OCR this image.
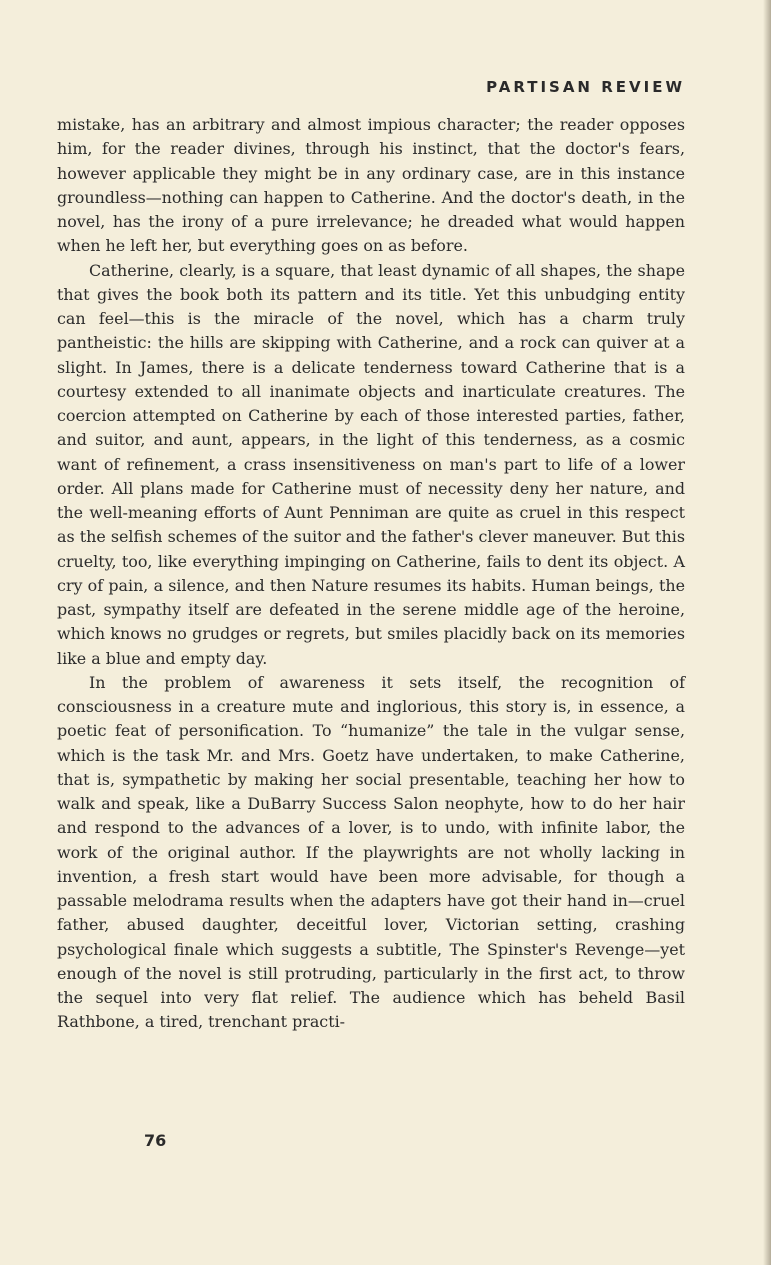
PARTISAN REVIEW

mistake, has an arbitrary and almost impious character; the reader opposes him, for the reader divines, through his instinct, that the doctor's fears, however applicable they might be in any ordinary case, are in this instance groundless—nothing can happen to Catherine. And the doctor's death, in the novel, has the irony of a pure irrelevance; he dreaded what would happen when he left her, but everything goes on as before.

Catherine, clearly, is a square, that least dynamic of all shapes, the shape that gives the book both its pattern and its title. Yet this unbudging entity can feel—this is the miracle of the novel, which has a charm truly pantheistic: the hills are skipping with Catherine, and a rock can quiver at a slight. In James, there is a delicate tenderness toward Catherine that is a courtesy extended to all inanimate objects and inarticulate creatures. The coercion attempted on Catherine by each of those interested parties, father, and suitor, and aunt, appears, in the light of this tenderness, as a cosmic want of refinement, a crass insensitiveness on man's part to life of a lower order. All plans made for Catherine must of necessity deny her nature, and the well-meaning efforts of Aunt Penniman are quite as cruel in this respect as the selfish schemes of the suitor and the father's clever maneuver. But this cruelty, too, like everything impinging on Catherine, fails to dent its object. A cry of pain, a silence, and then Nature resumes its habits. Human beings, the past, sympathy itself are defeated in the serene middle age of the heroine, which knows no grudges or regrets, but smiles placidly back on its memories like a blue and empty day.

In the problem of awareness it sets itself, the recognition of consciousness in a creature mute and inglorious, this story is, in essence, a poetic feat of personification. To “humanize” the tale in the vulgar sense, which is the task Mr. and Mrs. Goetz have undertaken, to make Catherine, that is, sympathetic by making her social presentable, teaching her how to walk and speak, like a DuBarry Success Salon neophyte, how to do her hair and respond to the advances of a lover, is to undo, with infinite labor, the work of the original author. If the playwrights are not wholly lacking in invention, a fresh start would have been more advisable, for though a passable melodrama results when the adapters have got their hand in—cruel father, abused daughter, deceitful lover, Victorian setting, crashing psychological finale which suggests a subtitle, The Spinster's Revenge—yet enough of the novel is still protruding, particularly in the first act, to throw the sequel into very flat relief. The audience which has beheld Basil Rathbone, a tired, trenchant practi-

76
